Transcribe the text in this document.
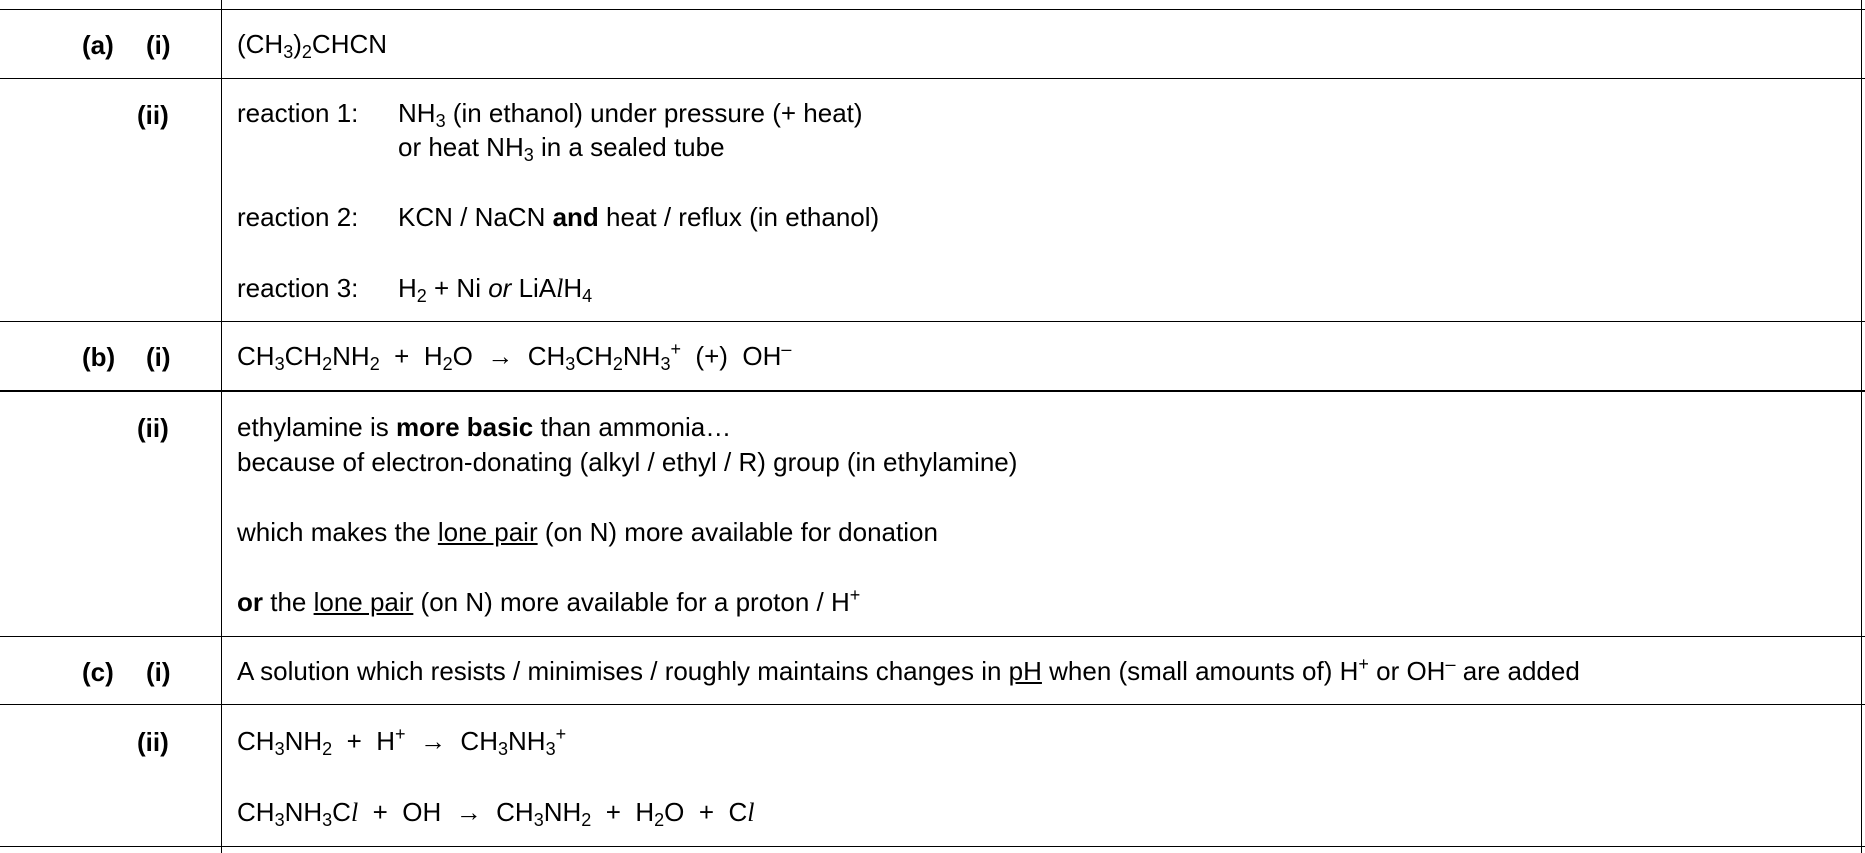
(a) (i)	$(CH_3)_2CHCN$
(ii)	reaction 1: $NH_3$ (in ethanol) under pressure (+ heat)
or heat $NH_3$ in a sealed tube
reaction 2: KCN / NaCN and heat / reflux (in ethanol)
reaction 3: $H_2 + Ni$ or LiAlH$_4$
(b) (i)	$CH_3CH_2NH_2 + H_2O \to CH_3CH_2NH_3^+$  (+)  OH–
(ii)	ethylamine is more basic than ammonia…
because of electron-donating (alkyl / ethyl / R) group (in ethylamine)
which makes the lone pair (on N) more available for donation
or the lone pair (on N) more available for a proton / H+
(c) (i)	A solution which resists / minimises / roughly maintains changes in pH when (small amounts of) H+ or OH– are added
(ii)	$CH_3NH_2 + H^+ \to CH_3NH_3^+$
$CH_3NH_3Cl$  +  OH  →  $CH_3NH_2 + H_2O + Cl$
